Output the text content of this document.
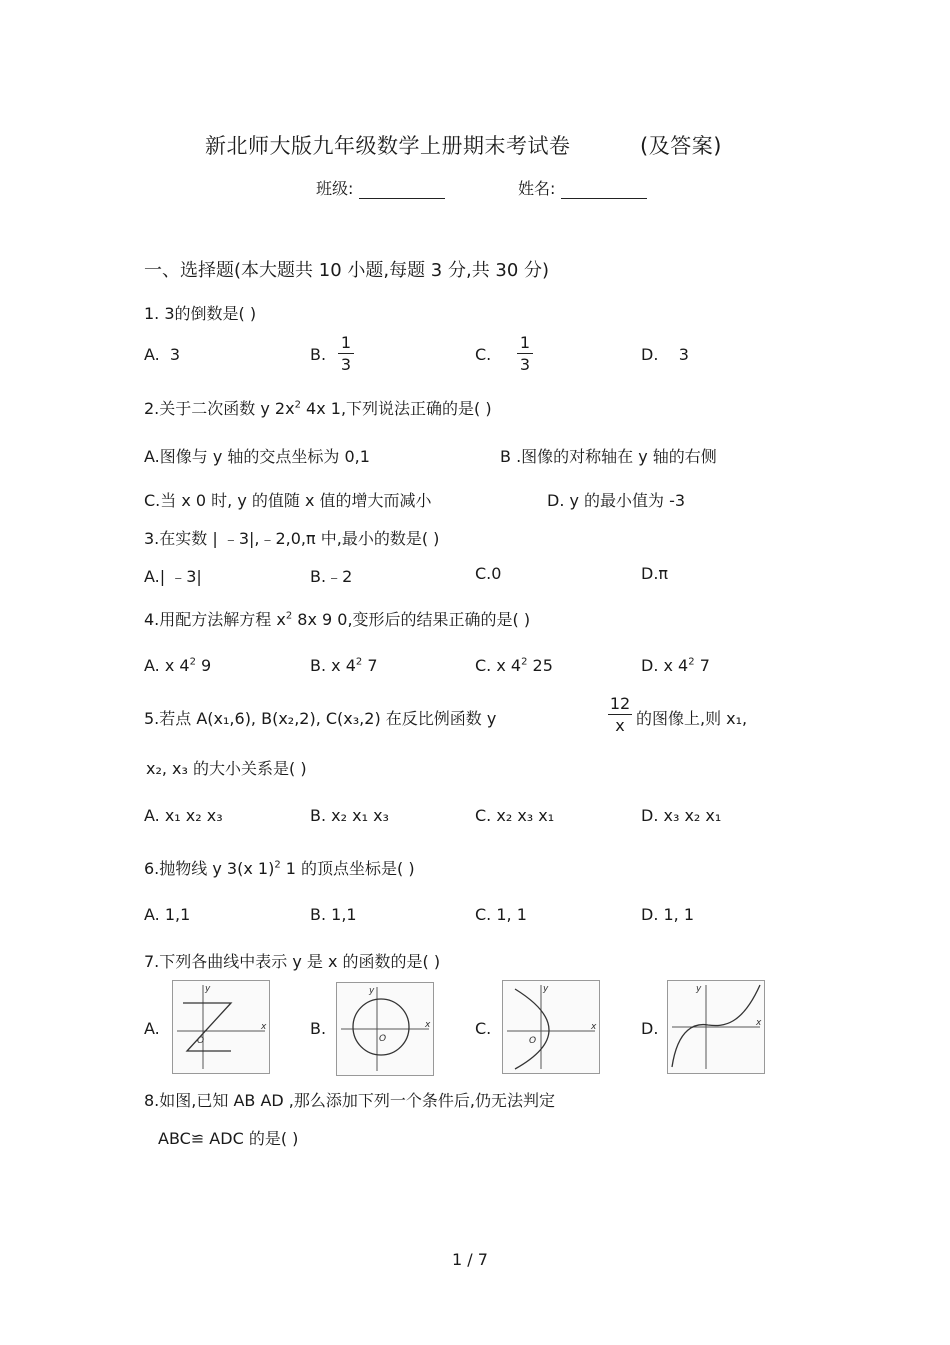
新北师大版九年级数学上册期末考试卷	(及答案)
班级:	姓名:
一、选择题(本大题共 10 小题,每题 3 分,共 30 分)
1. 3的倒数是( )
A. 3	B.
1
3
C.
1
3
D. 3
2.关于二次函数 y $2x^2$ 4x 1,下列说法正确的是( )
A.图像与 y 轴的交点坐标为 0,1	B .图像的对称轴在 y 轴的右侧
C.当 x 0 时, y 的值随 x 值的增大而减小	D. y 的最小值为 -3
3.在实数 | ﹣3|,﹣2,0,π 中,最小的数是( )
A.| ﹣3|	B.﹣2	C.0	D.π
4.用配方法解方程 $x^2$ 8x 9 0,变形后的结果正确的是( )
A. x $4^2$ 9	B. x $4^2$ 7	C. x $4^2$ 25	D. x $4^2$ 7
5.若点 A(x₁,6), B(x₂,2), C(x₃,2) 在反比例函数 y
12
x 的图像上,则 x₁,
x₂, x₃ 的大小关系是( )
A. x₁ x₂ x₃	B. x₂ x₁ x₃	C. x₂ x₃ x₁	D. x₃ x₂ x₁
6.抛物线 y 3(x 1)$^2$ 1 的顶点坐标是( )
A. 1,1	B. 1,1	C. 1, 1	D. 1, 1
7.下列各曲线中表示 y 是 x 的函数的是( )
A.	x
y
O
B.	x
y
O
C.	x
y
O
D.	x
y
8.如图,已知 AB AD ,那么添加下列一个条件后,仍无法判定
ABC≌ ADC 的是( )
1 / 7
